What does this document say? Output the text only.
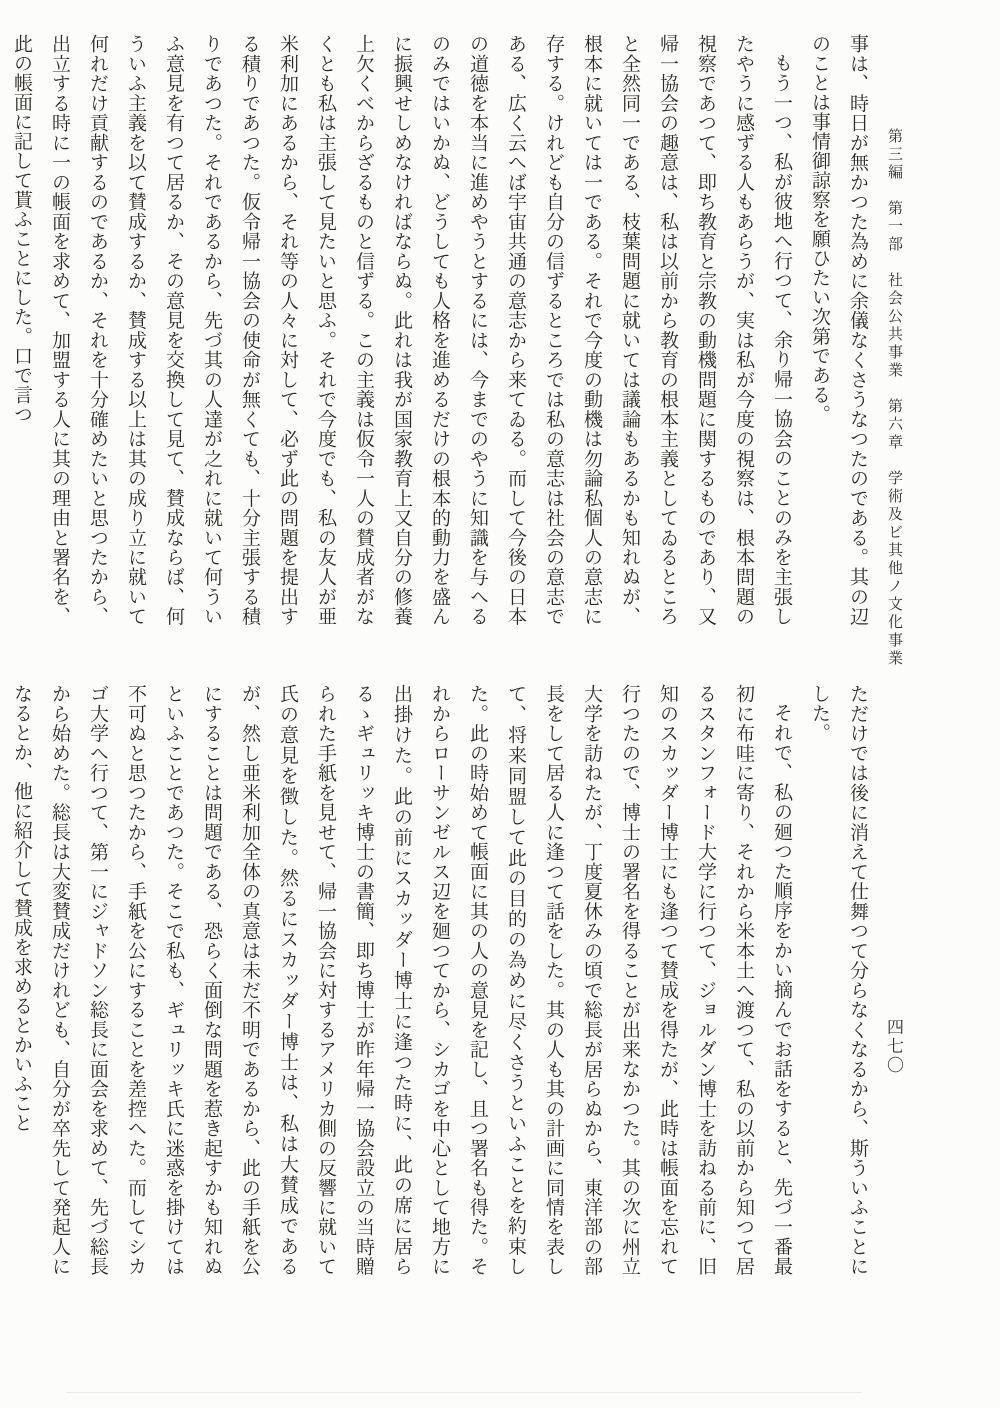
第三編　第一部　社会公共事業　第六章　学術及ビ其他ノ文化事業
四七〇

事は、時日が無かつた為めに余儀なくさうなつたのである。其の辺のことは事情御諒察を願ひたい次第である。

もう一つ、私が彼地へ行つて、余り帰一協会のことのみを主張したやうに感ずる人もあらうが、実は私が今度の視察は、根本問題の視察であつて、即ち教育と宗教の動機問題に関するものであり、又帰一協会の趣意は、私は以前から教育の根本主義としてゐるところと全然同一である、枝葉問題に就いては議論もあるかも知れぬが、根本に就いては一である。それで今度の動機は勿論私個人の意志に存する。けれども自分の信ずるところでは私の意志は社会の意志である、広く云へば宇宙共通の意志から来てゐる。而して今後の日本の道徳を本当に進めやうとするには、今までのやうに知識を与へるのみではいかぬ、どうしても人格を進めるだけの根本的動力を盛んに振興せしめなければならぬ。此れは我が国家教育上又自分の修養上欠くべからざるものと信ずる。この主義は仮令一人の賛成者がなくとも私は主張して見たいと思ふ。それで今度でも、私の友人が亜米利加にあるから、それ等の人々に対して、必ず此の問題を提出する積りであつた。仮令帰一協会の使命が無くても、十分主張する積りであつた。それであるから、先づ其の人達が之れに就いて何ういふ意見を有つて居るか、その意見を交換して見て、賛成ならば、何ういふ主義を以て賛成するか、賛成する以上は其の成り立に就いて何れだけ貢献するのであるか、それを十分確めたいと思つたから、出立する時に一の帳面を求めて、加盟する人に其の理由と署名を、此の帳面に記して貰ふことにした。口で言つ

ただけでは後に消えて仕舞つて分らなくなるから、斯ういふことにした。

それで、私の廻つた順序をかい摘んでお話をすると、先づ一番最初に布哇に寄り、それから米本土へ渡つて、私の以前から知つて居るスタンフォード大学に行つて、ジョルダン博士を訪ねる前に、旧知のスカッダー博士にも逢つて賛成を得たが、此時は帳面を忘れて行つたので、博士の署名を得ることが出来なかつた。其の次に州立大学を訪ねたが、丁度夏休みの頃で総長が居らぬから、東洋部の部長をして居る人に逢つて話をした。其の人も其の計画に同情を表して、将来同盟して此の目的の為めに尽くさうといふことを約束した。此の時始めて帳面に其の人の意見を記し、且つ署名も得た。それからローサンゼルス辺を廻つてから、シカゴを中心として地方に出掛けた。此の前にスカッダー博士に逢つた時に、此の席に居らるゝギュリッキ博士の書簡、即ち博士が昨年帰一協会設立の当時贈られた手紙を見せて、帰一協会に対するアメリカ側の反響に就いて氏の意見を徴した。然るにスカッダー博士は、私は大賛成であるが、然し亜米利加全体の真意は未だ不明であるから、此の手紙を公にすることは問題である、恐らく面倒な問題を惹き起すかも知れぬといふことであつた。そこで私も、ギュリッキ氏に迷惑を掛けては不可ぬと思つたから、手紙を公にすることを差控へた。而してシカゴ大学へ行つて、第一にジャドソン総長に面会を求めて、先づ総長から始めた。総長は大変賛成だけれども、自分が卒先して発起人になるとか、他に紹介して賛成を求めるとかいふこと
